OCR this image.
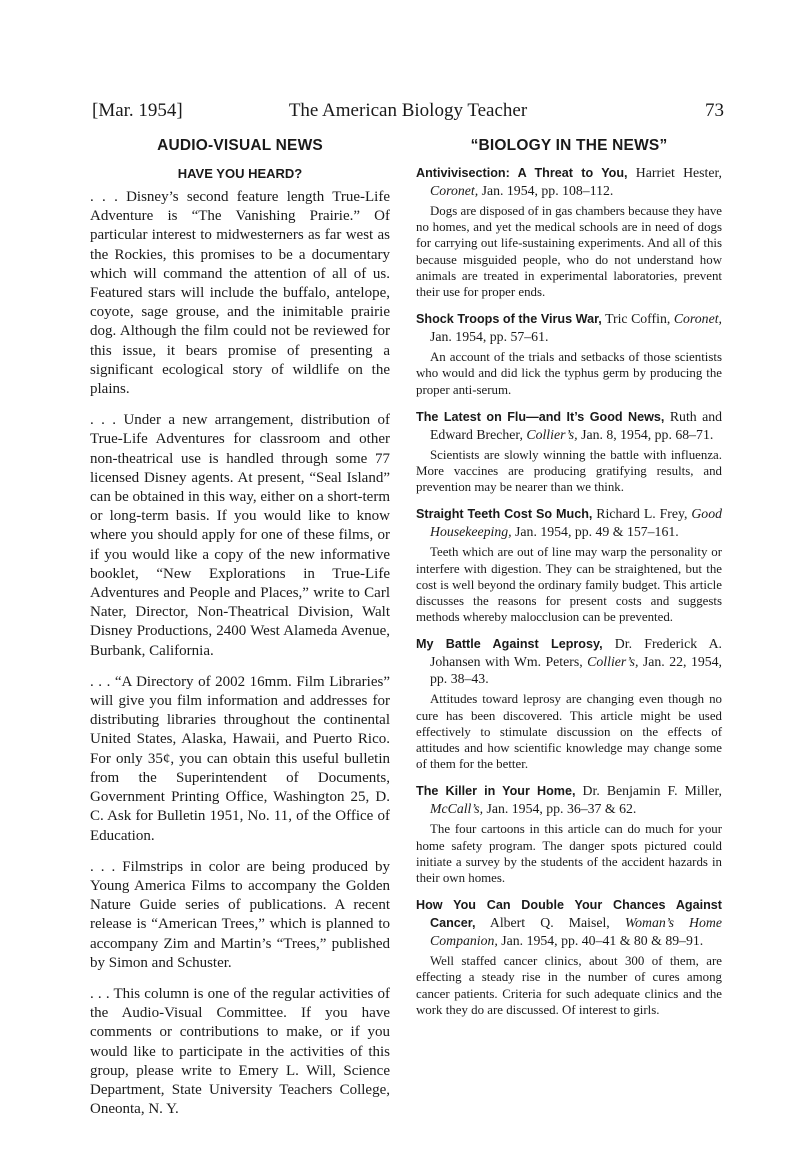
[Mar. 1954]	The American Biology Teacher	73
AUDIO-VISUAL NEWS
HAVE YOU HEARD?

. . . Disney’s second feature length True-Life Adventure is “The Vanishing Prairie.” Of particular interest to midwesterners as far west as the Rockies, this promises to be a documentary which will command the attention of all of us. Featured stars will include the buffalo, antelope, coyote, sage grouse, and the inimitable prairie dog. Although the film could not be reviewed for this issue, it bears promise of presenting a significant ecological story of wildlife on the plains.

. . . Under a new arrangement, distribution of True-Life Adventures for classroom and other non-theatrical use is handled through some 77 licensed Disney agents. At present, “Seal Island” can be obtained in this way, either on a short-term or long-term basis. If you would like to know where you should apply for one of these films, or if you would like a copy of the new informative booklet, “New Explorations in True-Life Adventures and People and Places,” write to Carl Nater, Director, Non-Theatrical Division, Walt Disney Productions, 2400 West Alameda Avenue, Burbank, California.

. . . “A Directory of 2002 16mm. Film Libraries” will give you film information and addresses for distributing libraries throughout the continental United States, Alaska, Hawaii, and Puerto Rico. For only 35¢, you can obtain this useful bulletin from the Superintendent of Documents, Government Printing Office, Washington 25, D. C. Ask for Bulletin 1951, No. 11, of the Office of Education.

. . . Filmstrips in color are being produced by Young America Films to accompany the Golden Nature Guide series of publications. A recent release is “American Trees,” which is planned to accompany Zim and Martin’s “Trees,” published by Simon and Schuster.

. . . This column is one of the regular activities of the Audio-Visual Committee. If you have comments or contributions to make, or if you would like to participate in the activities of this group, please write to Emery L. Will, Science Department, State University Teachers College, Oneonta, N. Y.

“BIOLOGY IN THE NEWS”

Antivivisection: A Threat to You, Harriet Hester, Coronet, Jan. 1954, pp. 108–112.

Dogs are disposed of in gas chambers because they have no homes, and yet the medical schools are in need of dogs for carrying out life-sustaining experiments. And all of this because misguided people, who do not understand how animals are treated in experimental laboratories, prevent their use for proper ends.

Shock Troops of the Virus War, Tric Coffin, Coronet, Jan. 1954, pp. 57–61.

An account of the trials and setbacks of those scientists who would and did lick the typhus germ by producing the proper anti-serum.

The Latest on Flu—and It’s Good News, Ruth and Edward Brecher, Collier’s, Jan. 8, 1954, pp. 68–71.

Scientists are slowly winning the battle with influenza. More vaccines are producing gratifying results, and prevention may be nearer than we think.

Straight Teeth Cost So Much, Richard L. Frey, Good Housekeeping, Jan. 1954, pp. 49 & 157–161.

Teeth which are out of line may warp the personality or interfere with digestion. They can be straightened, but the cost is well beyond the ordinary family budget. This article discusses the reasons for present costs and suggests methods whereby malocclusion can be prevented.

My Battle Against Leprosy, Dr. Frederick A. Johansen with Wm. Peters, Collier’s, Jan. 22, 1954, pp. 38–43.

Attitudes toward leprosy are changing even though no cure has been discovered. This article might be used effectively to stimulate discussion on the effects of attitudes and how scientific knowledge may change some of them for the better.

The Killer in Your Home, Dr. Benjamin F. Miller, McCall’s, Jan. 1954, pp. 36–37 & 62.

The four cartoons in this article can do much for your home safety program. The danger spots pictured could initiate a survey by the students of the accident hazards in their own homes.

How You Can Double Your Chances Against Cancer, Albert Q. Maisel, Woman’s Home Companion, Jan. 1954, pp. 40–41 & 80 & 89–91.

Well staffed cancer clinics, about 300 of them, are effecting a steady rise in the number of cures among cancer patients. Criteria for such adequate clinics and the work they do are discussed. Of interest to girls.
